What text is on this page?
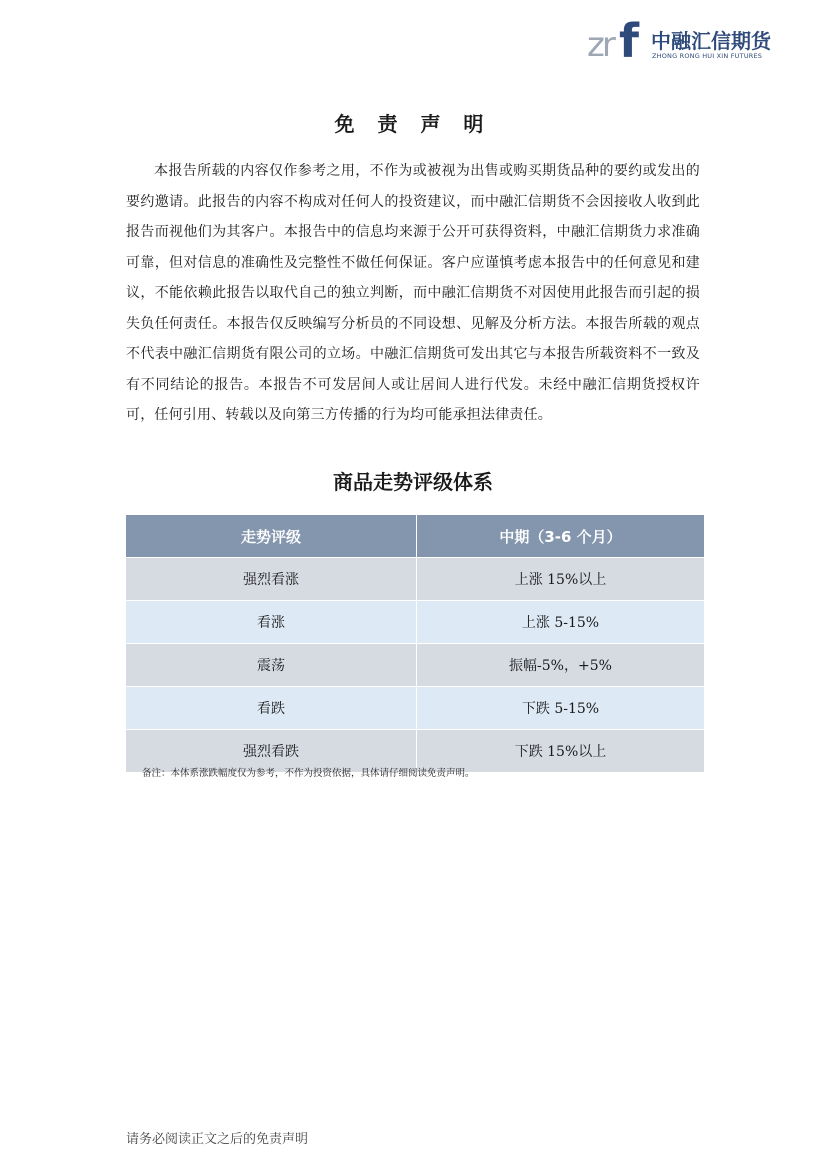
zr f 中融汇信期货
ZHONG RONG HUI XIN FUTURES
免 责 声 明

本报告所载的内容仅作参考之用，不作为或被视为出售或购买期货品种的要约或发出的要约邀请。此报告的内容不构成对任何人的投资建议，而中融汇信期货不会因接收人收到此报告而视他们为其客户。本报告中的信息均来源于公开可获得资料，中融汇信期货力求准确可靠，但对信息的准确性及完整性不做任何保证。客户应谨慎考虑本报告中的任何意见和建议，不能依赖此报告以取代自己的独立判断，而中融汇信期货不对因使用此报告而引起的损失负任何责任。本报告仅反映编写分析员的不同设想、见解及分析方法。本报告所载的观点不代表中融汇信期货有限公司的立场。中融汇信期货可发出其它与本报告所载资料不一致及有不同结论的报告。本报告不可发居间人或让居间人进行代发。未经中融汇信期货授权许可，任何引用、转载以及向第三方传播的行为均可能承担法律责任。

商品走势评级体系
走势评级	中期（3-6 个月）
强烈看涨	上涨 15%以上
看涨	上涨 5-15%
震荡	振幅-5%，+5%
看跌	下跌 5-15%
强烈看跌	下跌 15%以上
备注：本体系涨跌幅度仅为参考，不作为投资依据，具体请仔细阅读免责声明。
请务必阅读正文之后的免责声明
